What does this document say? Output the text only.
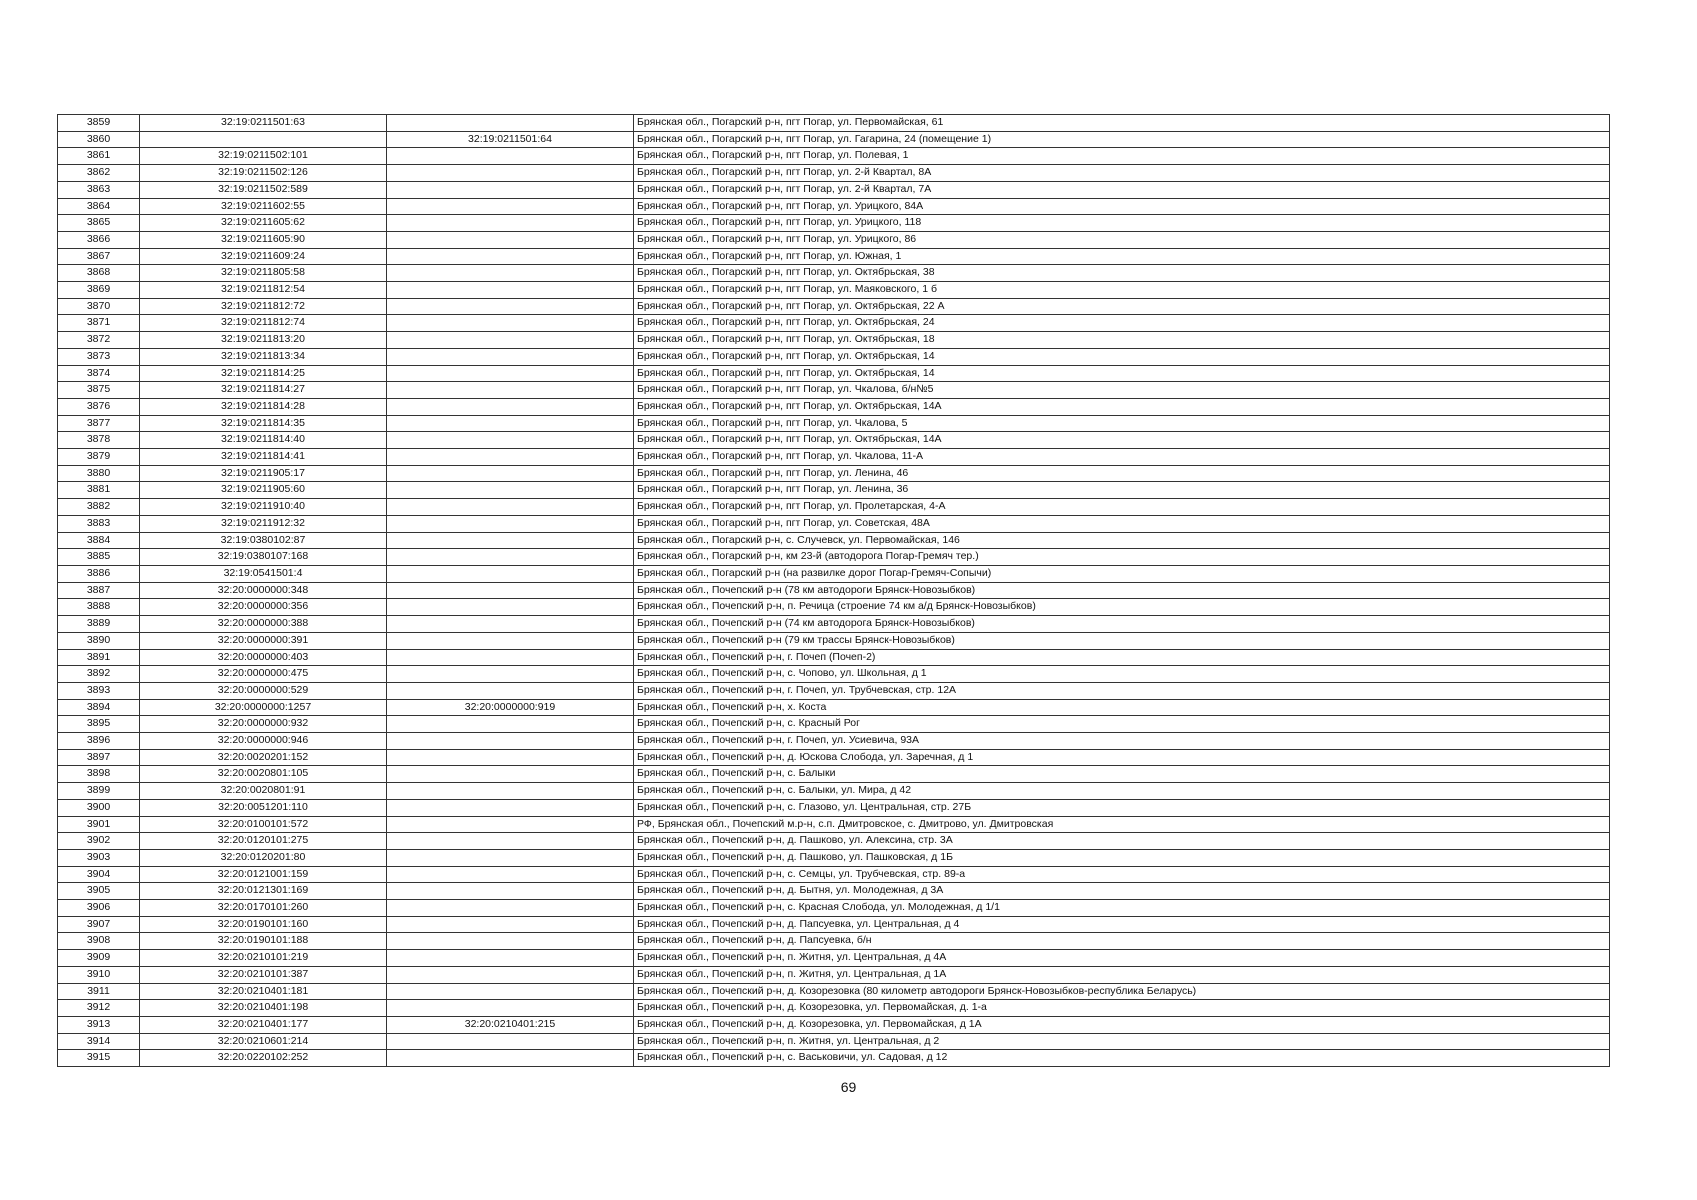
3859	32:19:0211501:63		Брянская обл., Погарский р-н, пгт Погар, ул. Первомайская, 61
3860		32:19:0211501:64	Брянская обл., Погарский р-н, пгт Погар, ул. Гагарина, 24 (помещение 1)
3861	32:19:0211502:101		Брянская обл., Погарский р-н, пгт Погар, ул. Полевая, 1
3862	32:19:0211502:126		Брянская обл., Погарский р-н, пгт Погар, ул. 2-й Квартал, 8А
3863	32:19:0211502:589		Брянская обл., Погарский р-н, пгт Погар, ул. 2-й Квартал, 7А
3864	32:19:0211602:55		Брянская обл., Погарский р-н, пгт Погар, ул. Урицкого, 84А
3865	32:19:0211605:62		Брянская обл., Погарский р-н, пгт Погар, ул. Урицкого, 118
3866	32:19:0211605:90		Брянская обл., Погарский р-н, пгт Погар, ул. Урицкого, 86
3867	32:19:0211609:24		Брянская обл., Погарский р-н, пгт Погар, ул. Южная, 1
3868	32:19:0211805:58		Брянская обл., Погарский р-н, пгт Погар, ул. Октябрьская, 38
3869	32:19:0211812:54		Брянская обл., Погарский р-н, пгт Погар, ул. Маяковского, 1 б
3870	32:19:0211812:72		Брянская обл., Погарский р-н, пгт Погар, ул. Октябрьская, 22 А
3871	32:19:0211812:74		Брянская обл., Погарский р-н, пгт Погар, ул. Октябрьская, 24
3872	32:19:0211813:20		Брянская обл., Погарский р-н, пгт Погар, ул. Октябрьская, 18
3873	32:19:0211813:34		Брянская обл., Погарский р-н, пгт Погар, ул. Октябрьская, 14
3874	32:19:0211814:25		Брянская обл., Погарский р-н, пгт Погар, ул. Октябрьская, 14
3875	32:19:0211814:27		Брянская обл., Погарский р-н, пгт Погар, ул. Чкалова, б/н№5
3876	32:19:0211814:28		Брянская обл., Погарский р-н, пгт Погар, ул. Октябрьская, 14А
3877	32:19:0211814:35		Брянская обл., Погарский р-н, пгт Погар, ул. Чкалова, 5
3878	32:19:0211814:40		Брянская обл., Погарский р-н, пгт Погар, ул. Октябрьская, 14А
3879	32:19:0211814:41		Брянская обл., Погарский р-н, пгт Погар, ул. Чкалова, 11-А
3880	32:19:0211905:17		Брянская обл., Погарский р-н, пгт Погар, ул. Ленина, 46
3881	32:19:0211905:60		Брянская обл., Погарский р-н, пгт Погар, ул. Ленина, 36
3882	32:19:0211910:40		Брянская обл., Погарский р-н, пгт Погар, ул. Пролетарская, 4-А
3883	32:19:0211912:32		Брянская обл., Погарский р-н, пгт Погар, ул. Советская, 48А
3884	32:19:0380102:87		Брянская обл., Погарский р-н, с. Случевск, ул. Первомайская, 146
3885	32:19:0380107:168		Брянская обл., Погарский р-н, км 23-й (автодорога Погар-Гремяч тер.)
3886	32:19:0541501:4		Брянская обл., Погарский р-н (на развилке дорог Погар-Гремяч-Сопычи)
3887	32:20:0000000:348		Брянская обл., Почепский р-н (78 км автодороги Брянск-Новозыбков)
3888	32:20:0000000:356		Брянская обл., Почепский р-н, п. Речица (строение 74 км а/д Брянск-Новозыбков)
3889	32:20:0000000:388		Брянская обл., Почепский р-н (74 км автодорога Брянск-Новозыбков)
3890	32:20:0000000:391		Брянская обл., Почепский р-н (79 км трассы Брянск-Новозыбков)
3891	32:20:0000000:403		Брянская обл., Почепский р-н, г. Почеп (Почеп-2)
3892	32:20:0000000:475		Брянская обл., Почепский р-н, с. Чопово, ул. Школьная, д 1
3893	32:20:0000000:529		Брянская обл., Почепский р-н, г. Почеп, ул. Трубчевская, стр. 12А
3894	32:20:0000000:1257	32:20:0000000:919	Брянская обл., Почепский р-н, х. Коста
3895	32:20:0000000:932		Брянская обл., Почепский р-н, с. Красный Рог
3896	32:20:0000000:946		Брянская обл., Почепский р-н, г. Почеп, ул. Усиевича, 93А
3897	32:20:0020201:152		Брянская обл., Почепский р-н, д. Юскова Слобода, ул. Заречная, д 1
3898	32:20:0020801:105		Брянская обл., Почепский р-н, с. Балыки
3899	32:20:0020801:91		Брянская обл., Почепский р-н, с. Балыки, ул. Мира, д 42
3900	32:20:0051201:110		Брянская обл., Почепский р-н, с. Глазово, ул. Центральная, стр. 27Б
3901	32:20:0100101:572		РФ, Брянская обл., Почепский м.р-н, с.п. Дмитровское, с. Дмитрово, ул. Дмитровская
3902	32:20:0120101:275		Брянская обл., Почепский р-н, д. Пашково, ул. Алексина, стр. 3А
3903	32:20:0120201:80		Брянская обл., Почепский р-н, д. Пашково, ул. Пашковская, д 1Б
3904	32:20:0121001:159		Брянская обл., Почепский р-н, с. Семцы, ул. Трубчевская, стр. 89-а
3905	32:20:0121301:169		Брянская обл., Почепский р-н, д. Бытня, ул. Молодежная, д 3А
3906	32:20:0170101:260		Брянская обл., Почепский р-н, с. Красная Слобода, ул. Молодежная, д 1/1
3907	32:20:0190101:160		Брянская обл., Почепский р-н, д. Папсуевка, ул. Центральная, д 4
3908	32:20:0190101:188		Брянская обл., Почепский р-н, д. Папсуевка, б/н
3909	32:20:0210101:219		Брянская обл., Почепский р-н, п. Житня, ул. Центральная, д 4А
3910	32:20:0210101:387		Брянская обл., Почепский р-н, п. Житня, ул. Центральная, д 1А
3911	32:20:0210401:181		Брянская обл., Почепский р-н, д. Козорезовка (80 километр автодороги Брянск-Новозыбков-республика Беларусь)
3912	32:20:0210401:198		Брянская обл., Почепский р-н, д. Козорезовка, ул. Первомайская, д. 1-а
3913	32:20:0210401:177	32:20:0210401:215	Брянская обл., Почепский р-н, д. Козорезовка, ул. Первомайская, д 1А
3914	32:20:0210601:214		Брянская обл., Почепский р-н, п. Житня, ул. Центральная, д 2
3915	32:20:0220102:252		Брянская обл., Почепский р-н, с. Васьковичи, ул. Садовая, д 12
69
